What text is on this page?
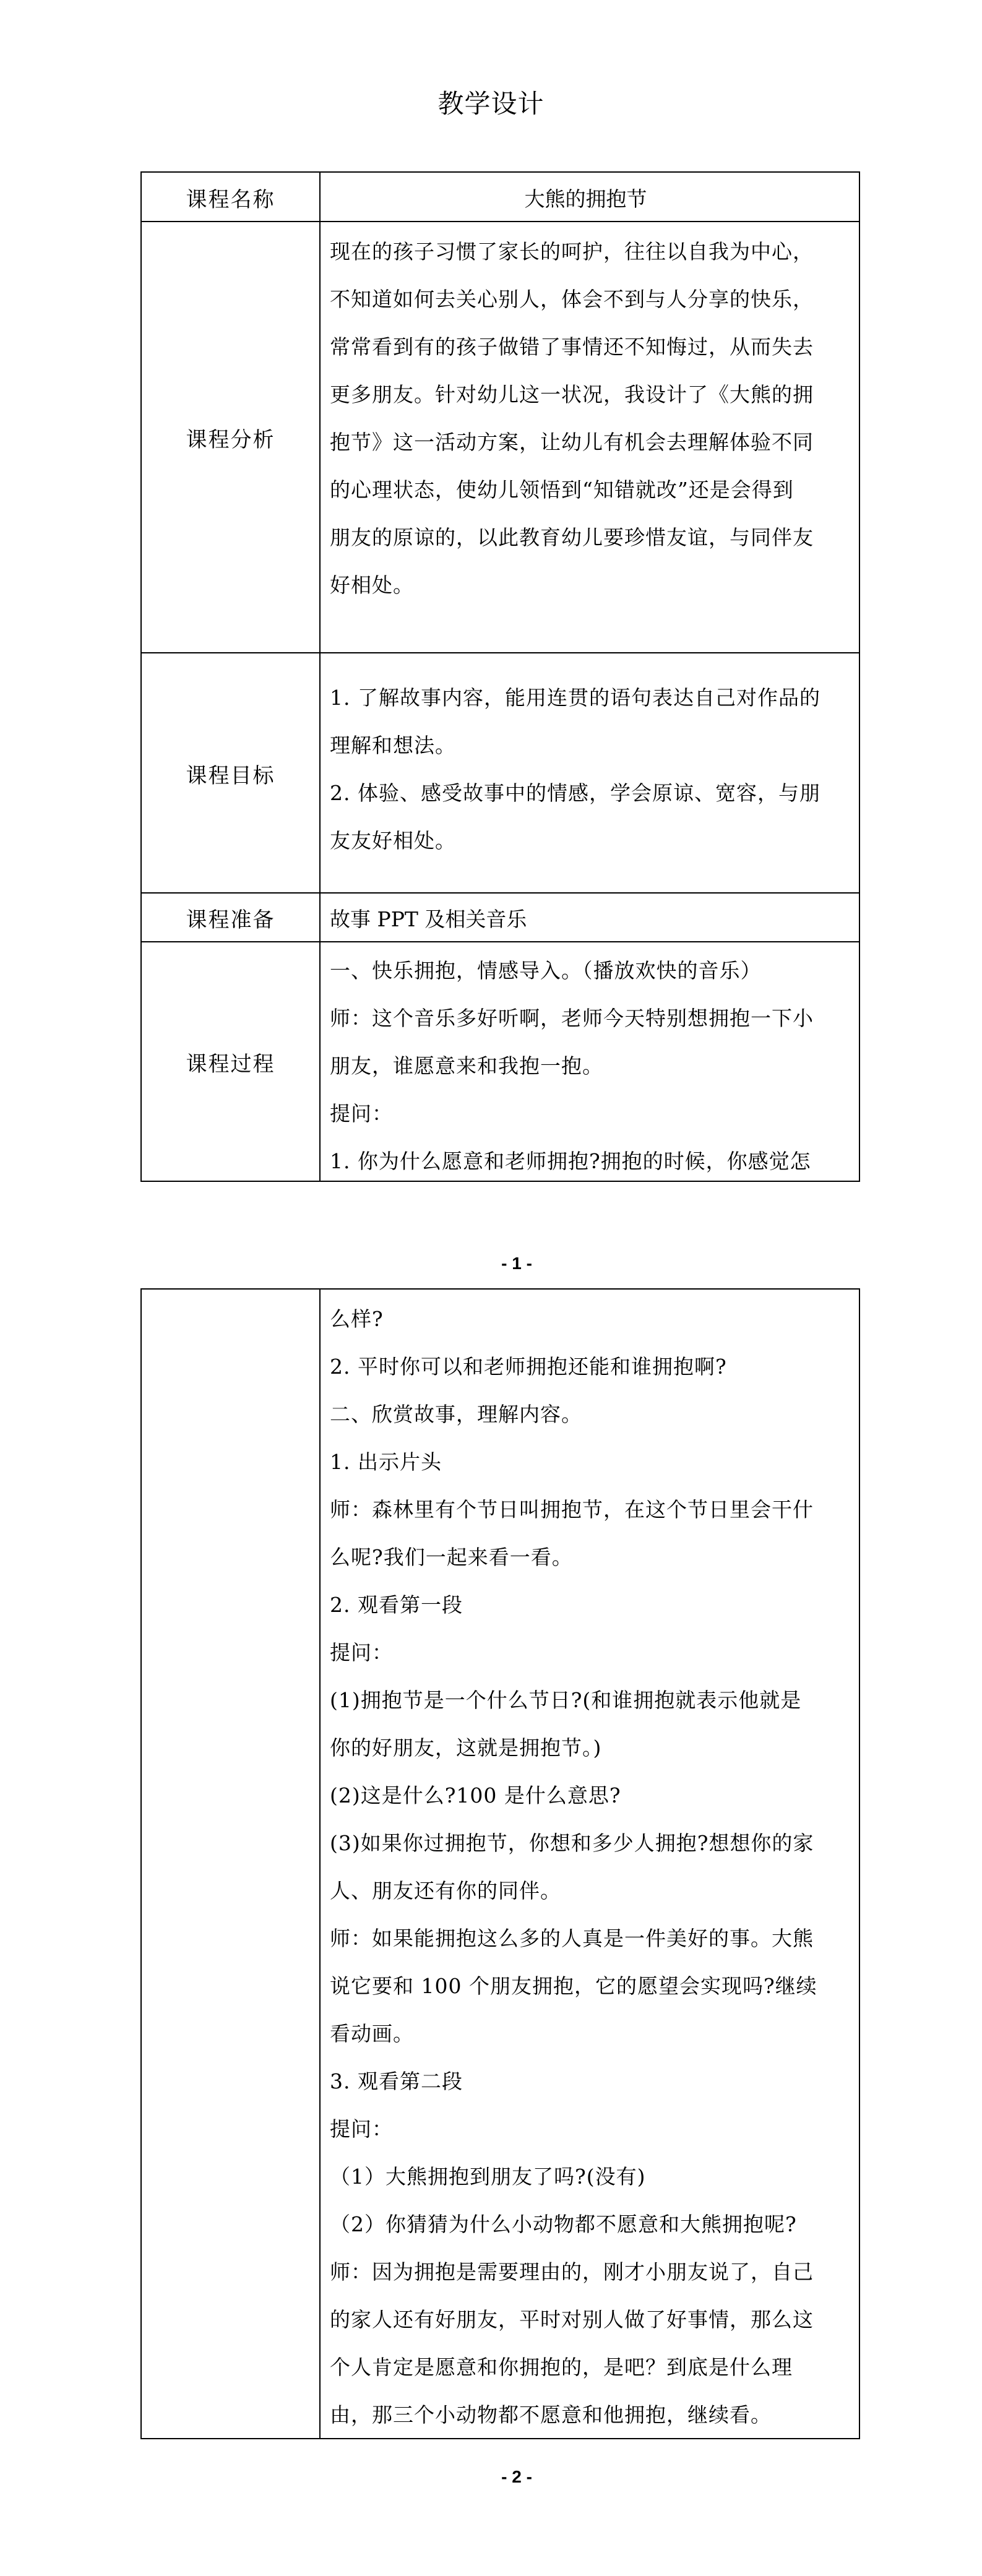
教学设计
课程名称	大熊的拥抱节
课程分析
现在的孩子习惯了家长的呵护，往往以自我为中心，
不知道如何去关心别人，体会不到与人分享的快乐，
常常看到有的孩子做错了事情还不知悔过，从而失去
更多朋友。针对幼儿这一状况，我设计了《大熊的拥
抱节》这一活动方案，让幼儿有机会去理解体验不同
的心理状态，使幼儿领悟到“知错就改”还是会得到
朋友的原谅的，以此教育幼儿要珍惜友谊，与同伴友
好相处。
课程目标
1. 了解故事内容，能用连贯的语句表达自己对作品的
理解和想法。
2. 体验、感受故事中的情感，学会原谅、宽容，与朋
友友好相处。
课程准备	故事 PPT 及相关音乐
课程过程
一、快乐拥抱，情感导入。（播放欢快的音乐）
师：这个音乐多好听啊，老师今天特别想拥抱一下小
朋友，谁愿意来和我抱一抱。
提问：
1. 你为什么愿意和老师拥抱?拥抱的时候，你感觉怎
- 1 -
么样?
2. 平时你可以和老师拥抱还能和谁拥抱啊?
二、欣赏故事，理解内容。
1. 出示片头
师：森林里有个节日叫拥抱节，在这个节日里会干什
么呢?我们一起来看一看。
2. 观看第一段
提问：
(1)拥抱节是一个什么节日?(和谁拥抱就表示他就是
你的好朋友，这就是拥抱节。)
(2)这是什么?100 是什么意思?
(3)如果你过拥抱节，你想和多少人拥抱?想想你的家
人、朋友还有你的同伴。
师：如果能拥抱这么多的人真是一件美好的事。大熊
说它要和 100 个朋友拥抱，它的愿望会实现吗?继续
看动画。
3. 观看第二段
提问：
（1）大熊拥抱到朋友了吗?(没有)
（2）你猜猜为什么小动物都不愿意和大熊拥抱呢?
师：因为拥抱是需要理由的，刚才小朋友说了，自己
的家人还有好朋友，平时对别人做了好事情，那么这
个人肯定是愿意和你拥抱的，是吧？到底是什么理
由，那三个小动物都不愿意和他拥抱，继续看。
- 2 -
